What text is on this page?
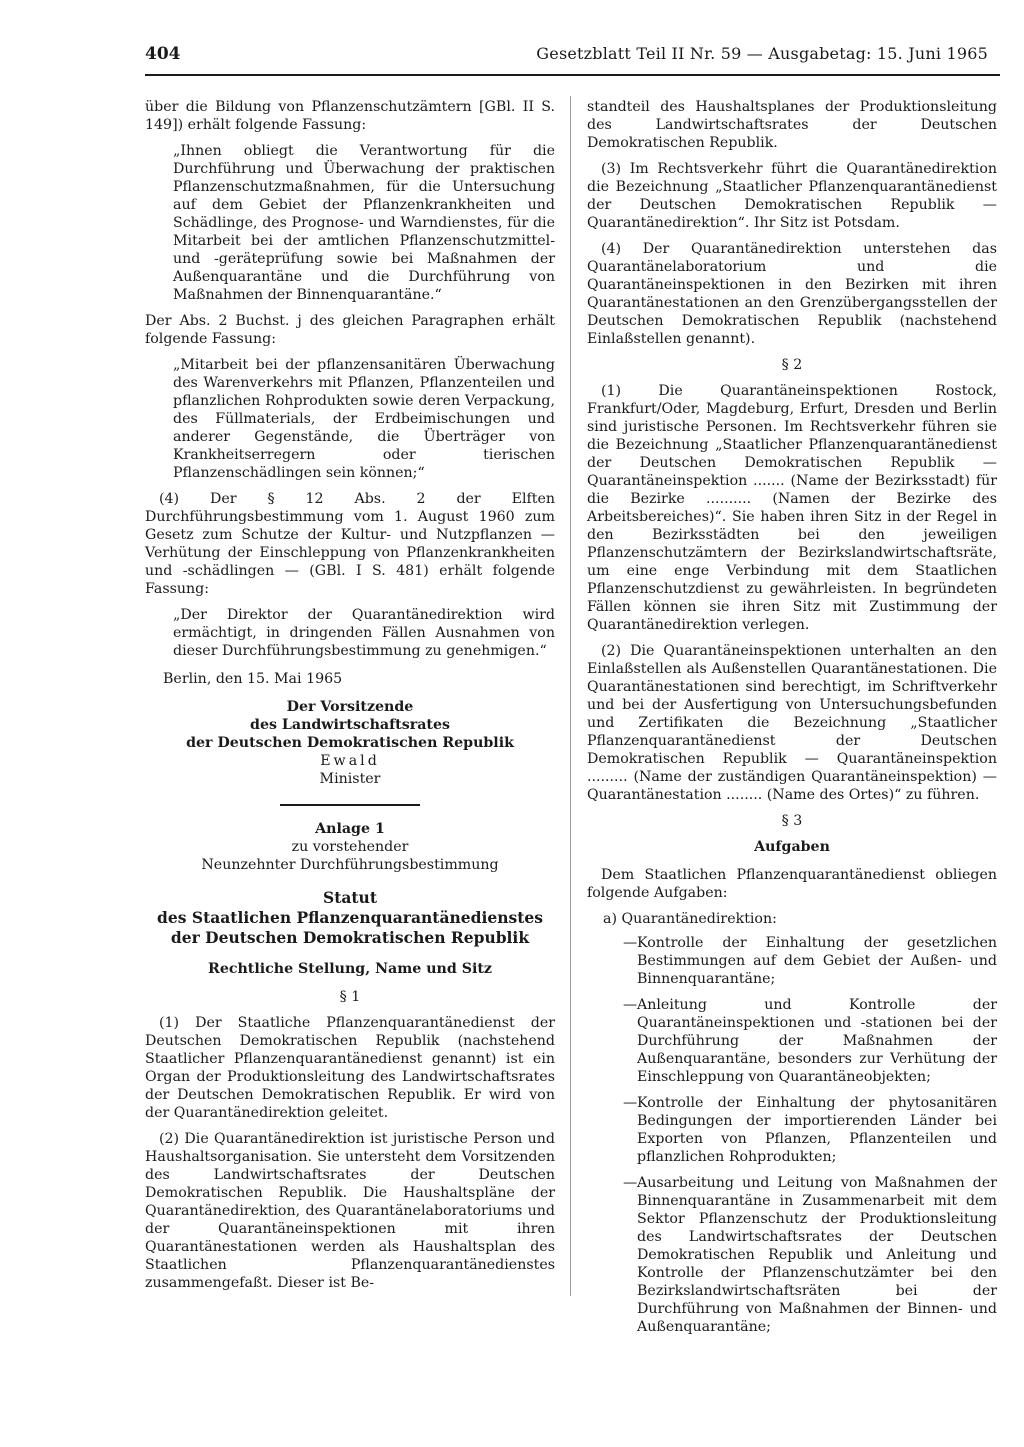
404	Gesetzblatt Teil II Nr. 59 — Ausgabetag: 15. Juni 1965

über die Bildung von Pflanzenschutzämtern [GBl. II S. 149]) erhält folgende Fassung:

„Ihnen obliegt die Verantwortung für die Durchführung und Überwachung der praktischen Pflanzenschutzmaßnahmen, für die Untersuchung auf dem Gebiet der Pflanzenkrankheiten und Schädlinge, des Prognose- und Warndienstes, für die Mitarbeit bei der amtlichen Pflanzenschutzmittel- und -geräteprüfung sowie bei Maßnahmen der Außenquarantäne und die Durchführung von Maßnahmen der Binnenquarantäne.“

Der Abs. 2 Buchst. j des gleichen Paragraphen erhält folgende Fassung:

„Mitarbeit bei der pflanzensanitären Überwachung des Warenverkehrs mit Pflanzen, Pflanzenteilen und pflanzlichen Rohprodukten sowie deren Verpackung, des Füllmaterials, der Erdbeimischungen und anderer Gegenstände, die Überträger von Krankheitserregern oder tierischen Pflanzenschädlingen sein können;“

(4) Der § 12 Abs. 2 der Elften Durchführungsbestimmung vom 1. August 1960 zum Gesetz zum Schutze der Kultur- und Nutzpflanzen — Verhütung der Einschleppung von Pflanzenkrankheiten und -schädlingen — (GBl. I S. 481) erhält folgende Fassung:

„Der Direktor der Quarantänedirektion wird ermächtigt, in dringenden Fällen Ausnahmen von dieser Durchführungsbestimmung zu genehmigen.“

Berlin, den 15. Mai 1965

Der Vorsitzende
des Landwirtschaftsrates
der Deutschen Demokratischen Republik
Ewald
Minister
Anlage 1
zu vorstehender
Neunzehnter Durchführungsbestimmung
Statut
des Staatlichen Pflanzenquarantänedienstes
der Deutschen Demokratischen Republik
Rechtliche Stellung, Name und Sitz
§ 1

(1) Der Staatliche Pflanzenquarantänedienst der Deutschen Demokratischen Republik (nachstehend Staatlicher Pflanzenquarantänedienst genannt) ist ein Organ der Produktionsleitung des Landwirtschaftsrates der Deutschen Demokratischen Republik. Er wird von der Quarantänedirektion geleitet.

(2) Die Quarantänedirektion ist juristische Person und Haushaltsorganisation. Sie untersteht dem Vorsitzenden des Landwirtschaftsrates der Deutschen Demokratischen Republik. Die Haushaltspläne der Quarantänedirektion, des Quarantänelaboratoriums und der Quarantäneinspektionen mit ihren Quarantänestationen werden als Haushaltsplan des Staatlichen Pflanzenquarantänedienstes zusammengefaßt. Dieser ist Be-

standteil des Haushaltsplanes der Produktionsleitung des Landwirtschaftsrates der Deutschen Demokratischen Republik.

(3) Im Rechtsverkehr führt die Quarantänedirektion die Bezeichnung „Staatlicher Pflanzenquarantänedienst der Deutschen Demokratischen Republik — Quarantänedirektion“. Ihr Sitz ist Potsdam.

(4) Der Quarantänedirektion unterstehen das Quarantänelaboratorium und die Quarantäneinspektionen in den Bezirken mit ihren Quarantänestationen an den Grenzübergangsstellen der Deutschen Demokratischen Republik (nachstehend Einlaßstellen genannt).

§ 2

(1) Die Quarantäneinspektionen Rostock, Frankfurt/Oder, Magdeburg, Erfurt, Dresden und Berlin sind juristische Personen. Im Rechtsverkehr führen sie die Bezeichnung „Staatlicher Pflanzenquarantänedienst der Deutschen Demokratischen Republik — Quarantäneinspektion ....... (Name der Bezirksstadt) für die Bezirke .......... (Namen der Bezirke des Arbeitsbereiches)“. Sie haben ihren Sitz in der Regel in den Bezirksstädten bei den jeweiligen Pflanzenschutzämtern der Bezirkslandwirtschaftsräte, um eine enge Verbindung mit dem Staatlichen Pflanzenschutzdienst zu gewährleisten. In begründeten Fällen können sie ihren Sitz mit Zustimmung der Quarantänedirektion verlegen.

(2) Die Quarantäneinspektionen unterhalten an den Einlaßstellen als Außenstellen Quarantänestationen. Die Quarantänestationen sind berechtigt, im Schriftverkehr und bei der Ausfertigung von Untersuchungsbefunden und Zertifikaten die Bezeichnung „Staatlicher Pflanzenquarantänedienst der Deutschen Demokratischen Republik — Quarantäneinspektion ......... (Name der zuständigen Quarantäneinspektion) — Quarantänestation ........ (Name des Ortes)“ zu führen.

§ 3
Aufgaben

Dem Staatlichen Pflanzenquarantänedienst obliegen folgende Aufgaben:

a) Quarantänedirektion:

— Kontrolle der Einhaltung der gesetzlichen Bestimmungen auf dem Gebiet der Außen- und Binnenquarantäne;
— Anleitung und Kontrolle der Quarantäneinspektionen und -stationen bei der Durchführung der Maßnahmen der Außenquarantäne, besonders zur Verhütung der Einschleppung von Quarantäneobjekten;
— Kontrolle der Einhaltung der phytosanitären Bedingungen der importierenden Länder bei Exporten von Pflanzen, Pflanzenteilen und pflanzlichen Rohprodukten;
— Ausarbeitung und Leitung von Maßnahmen der Binnenquarantäne in Zusammenarbeit mit dem Sektor Pflanzenschutz der Produktionsleitung des Landwirtschaftsrates der Deutschen Demokratischen Republik und Anleitung und Kontrolle der Pflanzenschutzämter bei den Bezirkslandwirtschaftsräten bei der Durchführung von Maßnahmen der Binnen- und Außenquarantäne;
